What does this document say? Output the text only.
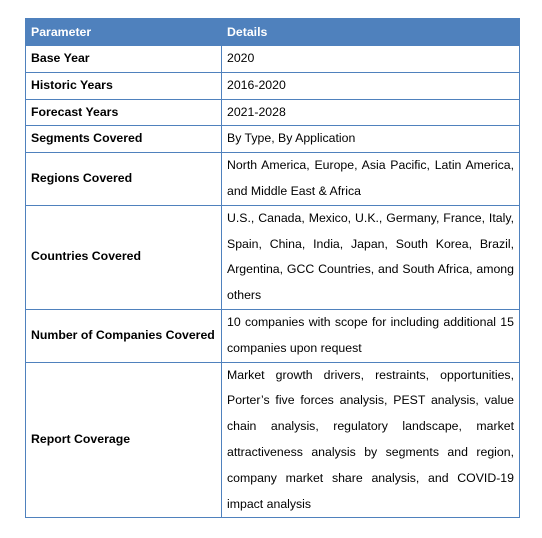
Parameter	Details
Base Year	2020
Historic Years	2016-2020
Forecast Years	2021-2028
Segments Covered	By Type, By Application
Regions Covered	North America, Europe, Asia Pacific, Latin America, and Middle East & Africa
Countries Covered	U.S., Canada, Mexico, U.K., Germany, France, Italy, Spain, China, India, Japan, South Korea, Brazil, Argentina, GCC Countries, and South Africa, among others
Number of Companies Covered	10 companies with scope for including additional 15 companies upon request
Report Coverage	Market growth drivers, restraints, opportunities, Porter’s five forces analysis, PEST analysis, value chain analysis, regulatory landscape, market attractiveness analysis by segments and region, company market share analysis, and COVID-19 impact analysis
